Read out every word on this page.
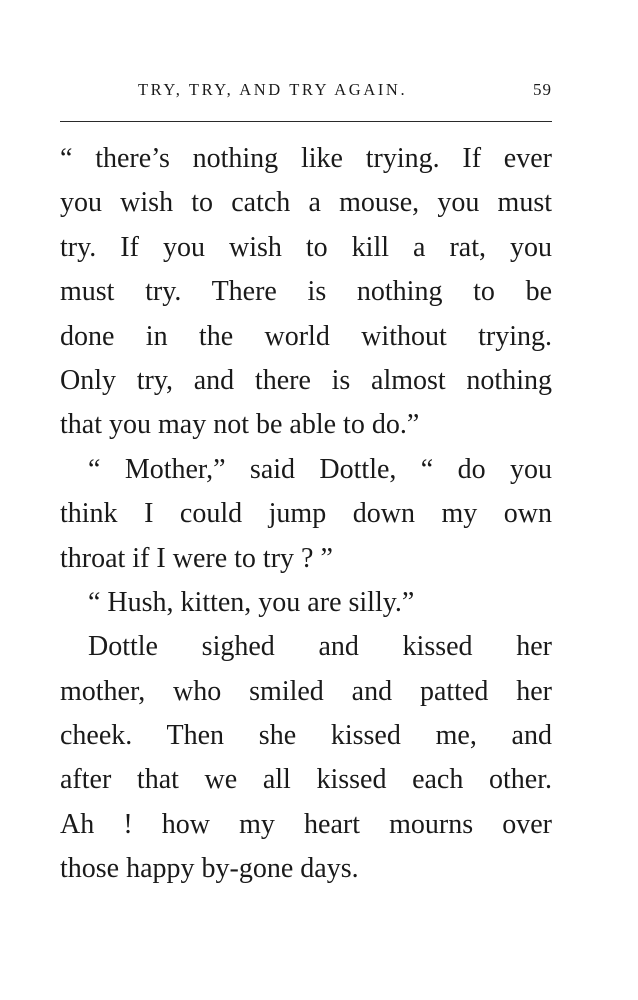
TRY, TRY, AND TRY AGAIN.	59
“ there’s nothing like trying. If ever
you wish to catch a mouse, you must
try. If you wish to kill a rat, you
must try. There is nothing to be
done in the world without trying.
Only try, and there is almost nothing
that you may not be able to do.”
“ Mother,” said Dottle, “ do you
think I could jump down my own
throat if I were to try ? ”
“ Hush, kitten, you are silly.”
Dottle sighed and kissed her
mother, who smiled and patted her
cheek. Then she kissed me, and
after that we all kissed each other.
Ah ! how my heart mourns over
those happy by-gone days.
